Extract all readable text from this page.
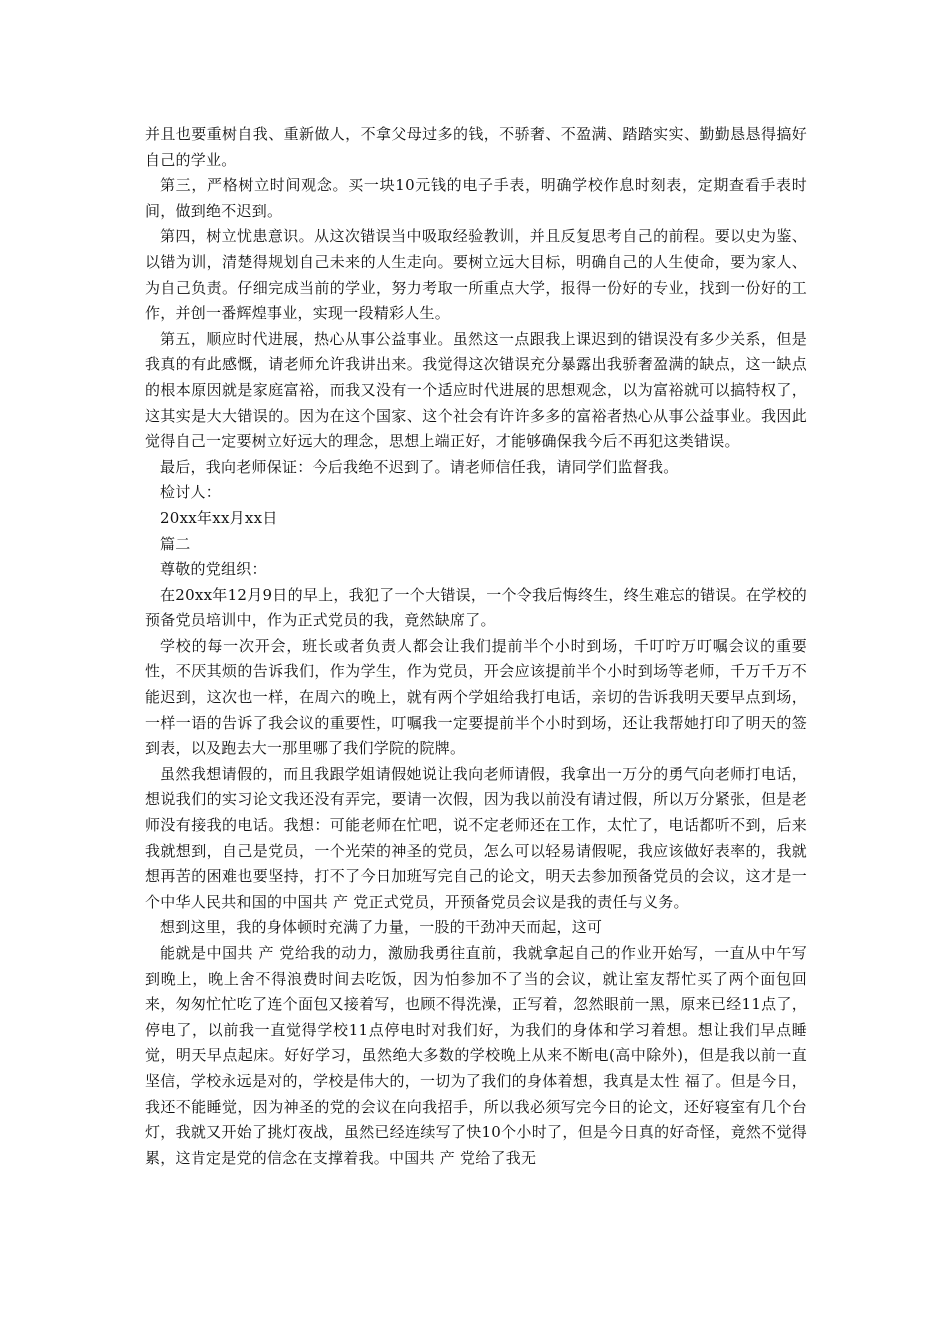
并且也要重树自我、重新做人，不拿父母过多的钱，不骄奢、不盈满、踏踏实实、勤勤恳恳得搞好自己的学业。

第三，严格树立时间观念。买一块10元钱的电子手表，明确学校作息时刻表，定期查看手表时间，做到绝不迟到。

第四，树立忧患意识。从这次错误当中吸取经验教训，并且反复思考自己的前程。要以史为鉴、以错为训，清楚得规划自己未来的人生走向。要树立远大目标，明确自己的人生使命，要为家人、为自己负责。仔细完成当前的学业，努力考取一所重点大学，报得一份好的专业，找到一份好的工作，并创一番辉煌事业，实现一段精彩人生。

第五，顺应时代进展，热心从事公益事业。虽然这一点跟我上课迟到的错误没有多少关系，但是我真的有此感慨，请老师允许我讲出来。我觉得这次错误充分暴露出我骄奢盈满的缺点，这一缺点的根本原因就是家庭富裕，而我又没有一个适应时代进展的思想观念，以为富裕就可以搞特权了，这其实是大大错误的。因为在这个国家、这个社会有许许多多的富裕者热心从事公益事业。我因此觉得自己一定要树立好远大的理念，思想上端正好，才能够确保我今后不再犯这类错误。

最后，我向老师保证：今后我绝不迟到了。请老师信任我，请同学们监督我。

检讨人：

20xx年xx月xx日

篇二

尊敬的党组织：

在20xx年12月9日的早上，我犯了一个大错误，一个令我后悔终生，终生难忘的错误。在学校的预备党员培训中，作为正式党员的我，竟然缺席了。

学校的每一次开会，班长或者负责人都会让我们提前半个小时到场，千叮咛万叮嘱会议的重要性，不厌其烦的告诉我们，作为学生，作为党员，开会应该提前半个小时到场等老师，千万千万不能迟到，这次也一样，在周六的晚上，就有两个学姐给我打电话，亲切的告诉我明天要早点到场，一样一语的告诉了我会议的重要性，叮嘱我一定要提前半个小时到场，还让我帮她打印了明天的签到表，以及跑去大一那里哪了我们学院的院牌。

虽然我想请假的，而且我跟学姐请假她说让我向老师请假，我拿出一万分的勇气向老师打电话，想说我们的实习论文我还没有弄完，要请一次假，因为我以前没有请过假，所以万分紧张，但是老师没有接我的电话。我想：可能老师在忙吧，说不定老师还在工作，太忙了，电话都听不到，后来我就想到，自己是党员，一个光荣的神圣的党员，怎么可以轻易请假呢，我应该做好表率的，我就想再苦的困难也要坚持，打不了今日加班写完自己的论文，明天去参加预备党员的会议，这才是一个中华人民共和国的中国共 产 党正式党员，开预备党员会议是我的责任与义务。

想到这里，我的身体顿时充满了力量，一股的干劲冲天而起，这可

能就是中国共 产 党给我的动力，激励我勇往直前，我就拿起自己的作业开始写，一直从中午写到晚上，晚上舍不得浪费时间去吃饭，因为怕参加不了当的会议，就让室友帮忙买了两个面包回来，匆匆忙忙吃了连个面包又接着写，也顾不得洗澡，正写着，忽然眼前一黑，原来已经11点了，停电了，以前我一直觉得学校11点停电时对我们好，为我们的身体和学习着想。想让我们早点睡觉，明天早点起床。好好学习，虽然绝大多数的学校晚上从来不断电(高中除外)，但是我以前一直坚信，学校永远是对的，学校是伟大的，一切为了我们的身体着想，我真是太性 福了。但是今日，我还不能睡觉，因为神圣的党的会议在向我招手，所以我必须写完今日的论文，还好寝室有几个台灯，我就又开始了挑灯夜战，虽然已经连续写了快10个小时了，但是今日真的好奇怪，竟然不觉得累，这肯定是党的信念在支撑着我。中国共 产 党给了我无
